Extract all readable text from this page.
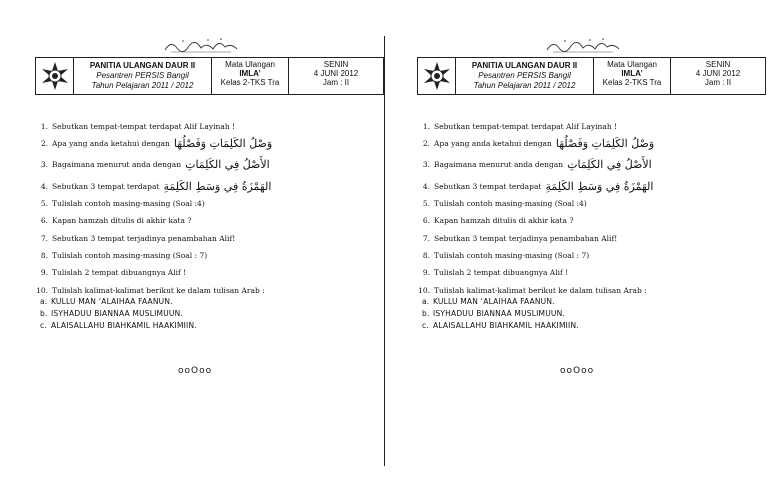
PANITIA ULANGAN DAUR II
Pesantren PERSIS Bangil
Tahun Pelajaran 2011 / 2012
Mata Ulangan
IMLA’
Kelas 2-TKS Tra
SENIN
4 JUNI 2012
Jam : II
1. Sebutkan tempat-tempat terdapat Alif Layinah !
2. Apa yang anda ketahui dengan وَصْلُ الكَلِمَاتِ وَفَصْلُهَا
3. Bagaimana menurut anda dengan الأَصْلُ فِي الكَلِمَاتِ
4. Sebutkan 3 tempat terdapat الهَمْزَةُ فِي وَسَطِ الكَلِمَةِ
5. Tulislah contoh masing-masing (Soal :4)
6. Kapan hamzah ditulis di akhir kata ?
7. Sebutkan 3 tempat terjadinya penambahan Alif!
8. Tulislah contoh masing-masing (Soal : 7)
9. Tulislah 2 tempat dibuangnya Alif !
10. Tulislah kalimat-kalimat berikut ke dalam tulisan Arab :
a. KULLU MAN ‘ALAIHAA FAANUN.
b. ISYHADUU BIANNAA MUSLIMUUN.
c. ALAISALLAHU BIAHKAMIL HAAKIMIIN.
ooOoo
PANITIA ULANGAN DAUR II
Pesantren PERSIS Bangil
Tahun Pelajaran 2011 / 2012
Mata Ulangan
IMLA’
Kelas 2-TKS Tra
SENIN
4 JUNI 2012
Jam : II
1. Sebutkan tempat-tempat terdapat Alif Layinah !
2. Apa yang anda ketahui dengan وَصْلُ الكَلِمَاتِ وَفَصْلُهَا
3. Bagaimana menurut anda dengan الأَصْلُ فِي الكَلِمَاتِ
4. Sebutkan 3 tempat terdapat الهَمْزَةُ فِي وَسَطِ الكَلِمَةِ
5. Tulislah contoh masing-masing (Soal :4)
6. Kapan hamzah ditulis di akhir kata ?
7. Sebutkan 3 tempat terjadinya penambahan Alif!
8. Tulislah contoh masing-masing (Soal : 7)
9. Tulislah 2 tempat dibuangnya Alif !
10. Tulislah kalimat-kalimat berikut ke dalam tulisan Arab :
a. KULLU MAN ‘ALAIHAA FAANUN.
b. ISYHADUU BIANNAA MUSLIMUUN.
c. ALAISALLAHU BIAHKAMIL HAAKIMIIN.
ooOoo
